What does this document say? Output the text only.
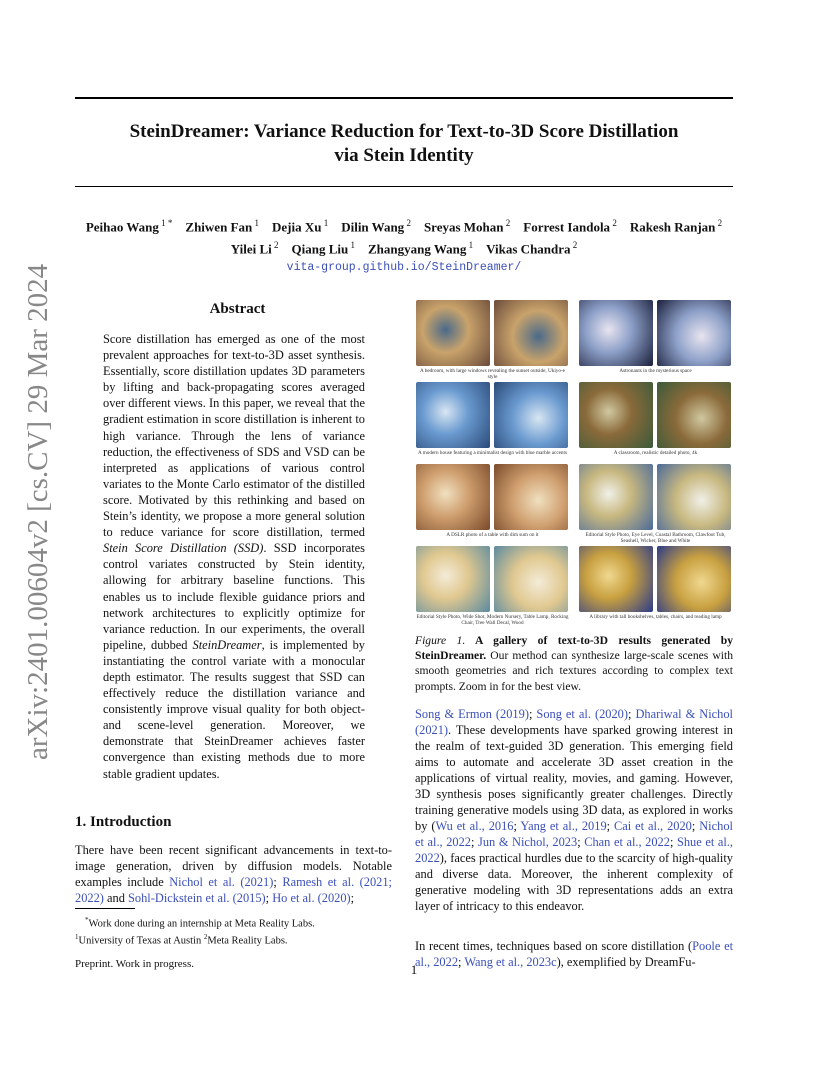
SteinDreamer: Variance Reduction for Text-to-3D Score Distillation
via Stein Identity
Peihao Wang $^{1 *}$  Zhiwen Fan $^1$  Dejia Xu $^1$  Dilin Wang $^2$  Sreyas Mohan $^2$  Forrest Iandola $^2$  Rakesh Ranjan $^2$
Yilei Li $^2$  Qiang Liu $^1$  Zhangyang Wang $^1$  Vikas Chandra $^2$
vita-group.github.io/SteinDreamer/
arXiv:2401.00604v2 [cs.CV] 29 Mar 2024	Abstract
Score distillation has emerged as one of the most prevalent approaches for text-to-3D asset synthesis. Essentially, score distillation updates 3D parameters by lifting and back-propagating scores averaged over different views. In this paper, we reveal that the gradient estimation in score distillation is inherent to high variance. Through the lens of variance reduction, the effectiveness of SDS and VSD can be interpreted as applications of various control variates to the Monte Carlo estimator of the distilled score. Motivated by this rethinking and based on Stein’s identity, we propose a more general solution to reduce variance for score distillation, termed Stein Score Distillation (SSD). SSD incorporates control variates constructed by Stein identity, allowing for arbitrary baseline functions. This enables us to include flexible guidance priors and network architectures to explicitly optimize for variance reduction. In our experiments, the overall pipeline, dubbed SteinDreamer, is implemented by instantiating the control variate with a monocular depth estimator. The results suggest that SSD can effectively reduce the distillation variance and consistently improve visual quality for both object- and scene-level generation. Moreover, we demonstrate that SteinDreamer achieves faster convergence than existing methods due to more stable gradient updates.
1. Introduction
There have been recent significant advancements in text-to-image generation, driven by diffusion models. Notable examples include Nichol et al. (2021); Ramesh et al. (2021; 2022) and Sohl-Dickstein et al. (2015); Ho et al. (2020);
*Work done during an internship at Meta Reality Labs.
$^1$University of Texas at Austin $^2$Meta Reality Labs.
Preprint. Work in progress.
A bedroom, with large windows revealing the sunset outside, Ukiyo-e style
Astronauts in the mysterious space
A modern house featuring a minimalist design with blue marble accents	A classroom, realistic detailed photo, 4k
A DSLR photo of a table with dim sum on it	Editorial Style Photo, Eye Level, Coastal Bathroom, Clawfoot Tub, Seashell, Wicker, Blue and White
Editorial Style Photo, Wide Shot, Modern Nursery, Table Lamp, Rocking Chair, Tree Wall Decal, Wood
A library with tall bookshelves, tables, chairs, and reading lamp
Figure 1. A gallery of text-to-3D results generated by SteinDreamer. Our method can synthesize large-scale scenes with smooth geometries and rich textures according to complex text prompts. Zoom in for the best view.
Song & Ermon (2019); Song et al. (2020); Dhariwal & Nichol (2021). These developments have sparked growing interest in the realm of text-guided 3D generation. This emerging field aims to automate and accelerate 3D asset creation in the applications of virtual reality, movies, and gaming. However, 3D synthesis poses significantly greater challenges. Directly training generative models using 3D data, as explored in works by (Wu et al., 2016; Yang et al., 2019; Cai et al., 2020; Nichol et al., 2022; Jun & Nichol, 2023; Chan et al., 2022; Shue et al., 2022), faces practical hurdles due to the scarcity of high-quality and diverse data. Moreover, the inherent complexity of generative modeling with 3D representations adds an extra layer of intricacy to this endeavor.
In recent times, techniques based on score distillation (Poole et al., 2022; Wang et al., 2023c), exemplified by DreamFu-
1
